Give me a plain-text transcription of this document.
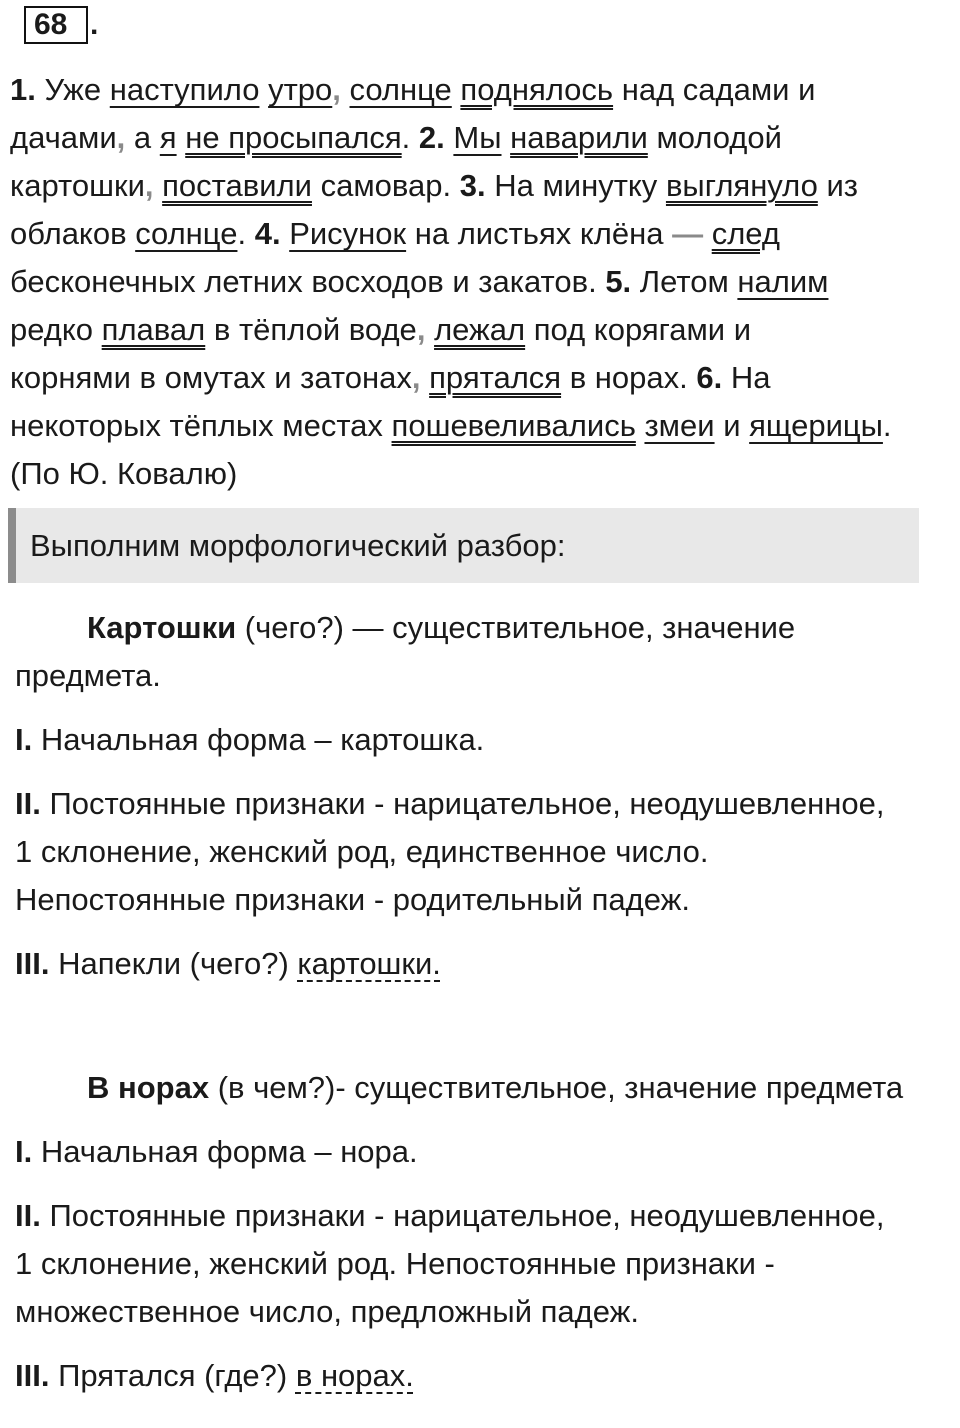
68 .
1. Уже наступило утро, солнце поднялось над садами и
дачами, а я не просыпался. 2. Мы наварили молодой
картошки, поставили самовар. 3. На минутку выглянуло из
облаков солнце. 4. Рисунок на листьях клёна — след
бесконечных летних восходов и закатов. 5. Летом налим
редко плавал в тёплой воде, лежал под корягами и
корнями в омутах и затонах, прятался в норах. 6. На
некоторых тёплых местах пошевеливались змеи и ящерицы.
(По Ю. Ковалю)
Выполним морфологический разбор:

Картошки (чего?) — существительное, значение

предмета.

I. Начальная форма – картошка.

II. Постоянные признаки - нарицательное, неодушевленное,

1 склонение, женский род, единственное число.

Непостоянные признаки - родительный падеж.

III. Напекли (чего?) картошки.

В норах (в чем?)- существительное, значение предмета

I. Начальная форма – нора.

II. Постоянные признаки - нарицательное, неодушевленное,

1 склонение, женский род. Непостоянные признаки -

множественное число, предложный падеж.

III. Прятался (где?) в норах.
